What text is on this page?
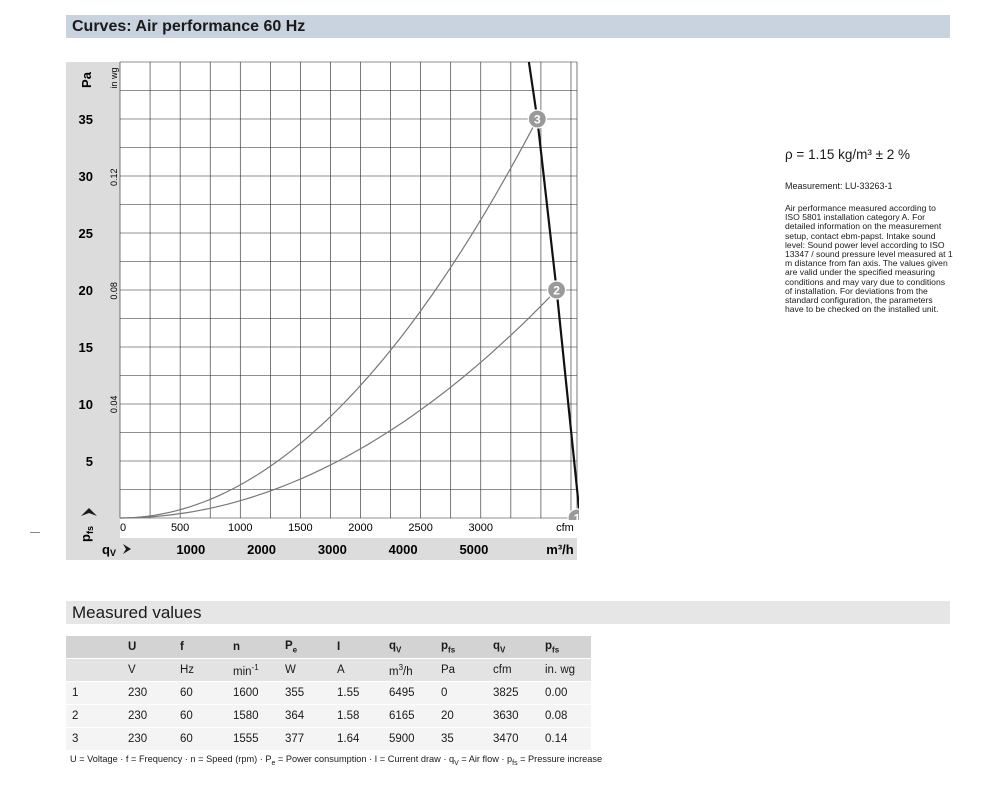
Curves: Air performance 60 Hz
Pa in wg
5
10
15
20
25
30
35
0.04
0.08
0.12
$p_{fs}$ 0	500	1000	1500	2000	2500	3000	cfm
1000	2000	3000	4000	5000	m³/h
qV
1
2
3
ρ = 1.15 kg/m³ ± 2 %
Measurement: LU-33263-1
Air performance measured according to ISO 5801 installation category A. For detailed information on the measurement setup, contact ebm-papst. Intake sound level: Sound power level according to ISO 13347 / sound pressure level measured at 1 m distance from fan axis. The values given are valid under the specified measuring conditions and may vary due to conditions of installation. For deviations from the standard configuration, the parameters have to be checked on the installed unit.
Measured values
	U	f	n	$P_e$	I	$q_V$	$p_{fs}$	$q_V$	$p_{fs}$
	V	Hz	$\min^{-1}$	W	A	$m^3/h$	Pa	cfm	in. wg
1	230	60	1600	355	1.55	6495	0	3825	0.00
2	230	60	1580	364	1.58	6165	20	3630	0.08
3	230	60	1555	377	1.64	5900	35	3470	0.14
U = Voltage · f = Frequency · n = Speed $(rpm) \cdot P_e$ = Power consumption · I = Current draw · $q_V$ = Air flow · $p_{fs}$ = Pressure increase
